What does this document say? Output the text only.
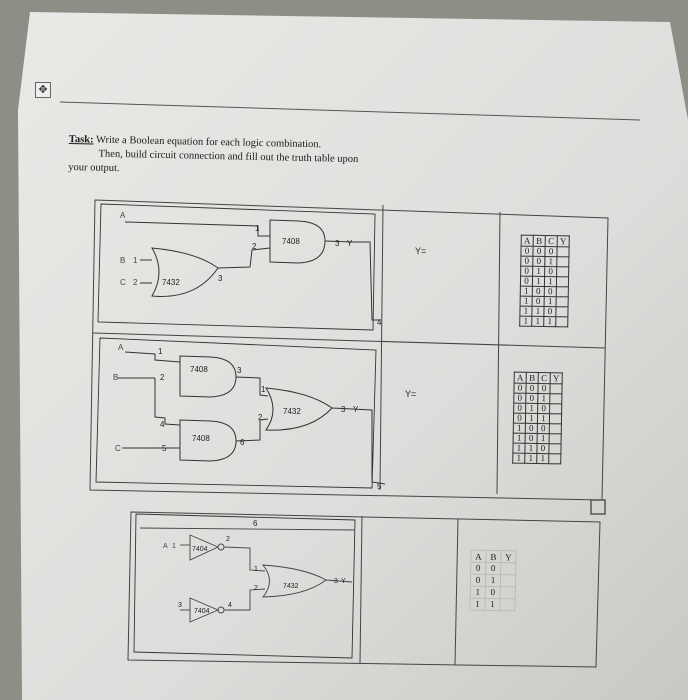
✥
Task: Write a Boolean equation for each logic combination.
Then, build circuit connection and fill out the truth table upon
your output.
A
B 1
C 2	7432	3
1
2
7408	3 Y
4
Y=
A
B
C
1
2
4
5
3
6
7408
7408
1
2
7432	3 Y
5
Y=
6
A 1 7404
2
3
7404
4
1
2	7432
3 Y
A	B	C	Y
0	0	0	
0	0	1	
0	1	0	
0	1	1	
1	0	0	
1	0	1	
1	1	0	
1	1	1	
A	B	C	Y
0	0	0	
0	0	1	
0	1	0	
0	1	1	
1	0	0	
1	0	1	
1	1	0	
1	1	1	
A	B	Y
0	0	
0	1	
1	0	
1	1	
